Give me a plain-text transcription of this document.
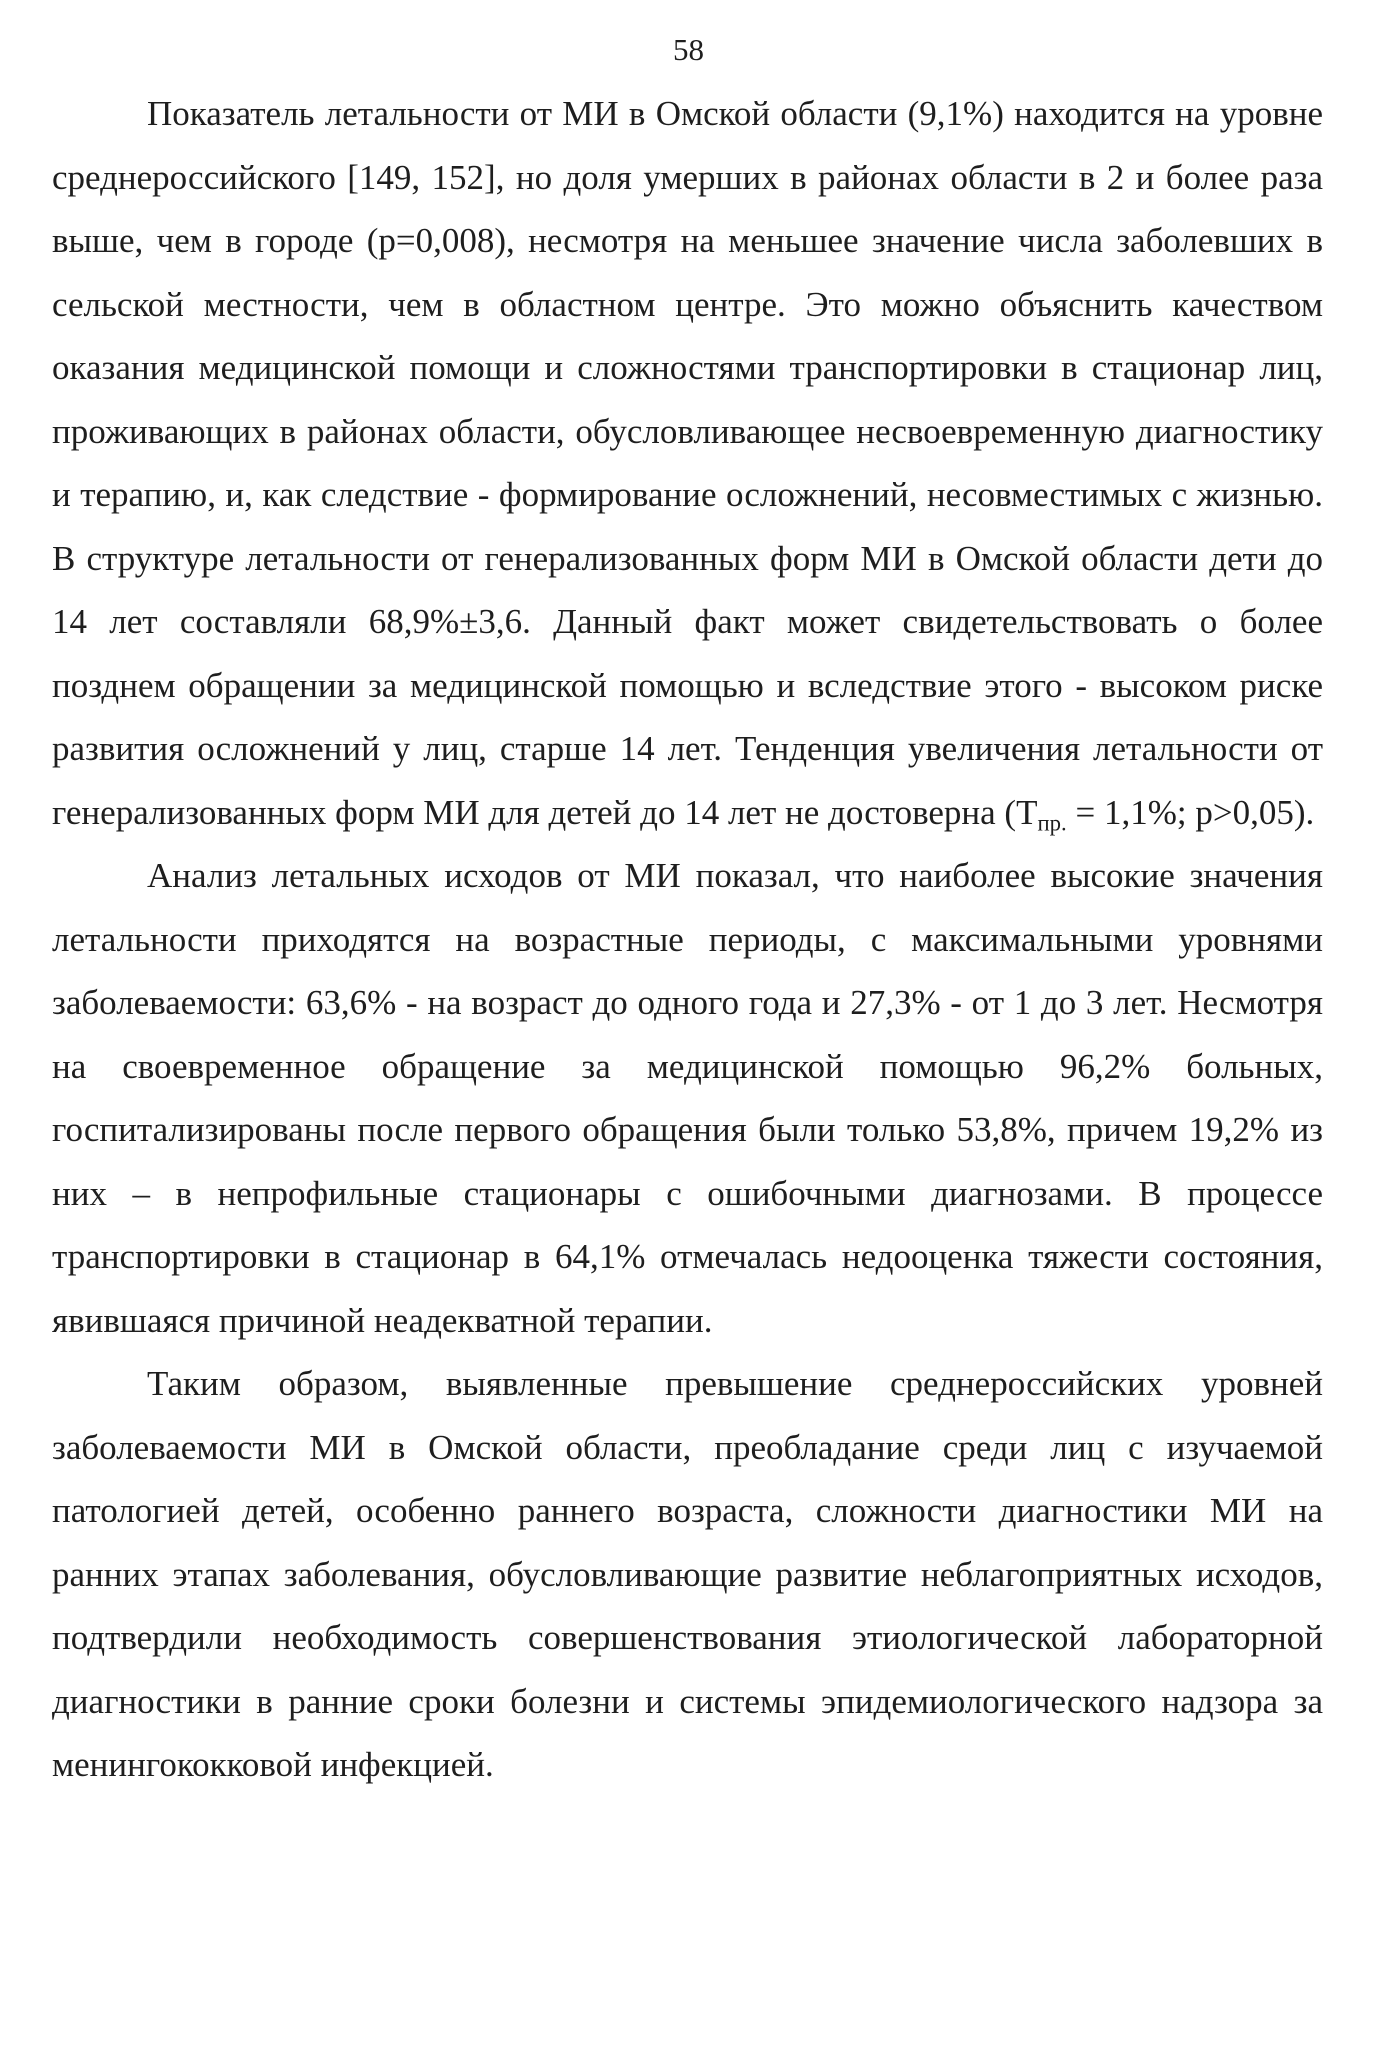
58

Показатель летальности от МИ в Омской области (9,1%) находится на уровне среднероссийского [149, 152], но доля умерших в районах области в 2 и более раза выше, чем в городе (p=0,008), несмотря на меньшее значение числа заболевших в сельской местности, чем в областном центре. Это можно объяснить качеством оказания медицинской помощи и сложностями транспортировки в стационар лиц, проживающих в районах области, обусловливающее несвоевременную диагностику и терапию, и, как следствие - формирование осложнений, несовместимых с жизнью. В структуре летальности от генерализованных форм МИ в Омской области дети до 14 лет составляли 68,9%±3,6. Данный факт может свидетельствовать о более позднем обращении за медицинской помощью и вследствие этого - высоком риске развития осложнений у лиц, старше 14 лет. Тенденция увеличения летальности от генерализованных форм МИ для детей до 14 лет не достоверна ($Т_{пр.} = 1,1\%$; p>0,05).

Анализ летальных исходов от МИ показал, что наиболее высокие значения летальности приходятся на возрастные периоды, с максимальными уровнями заболеваемости: 63,6% - на возраст до одного года и 27,3% - от 1 до 3 лет. Несмотря на своевременное обращение за медицинской помощью 96,2% больных, госпитализированы после первого обращения были только 53,8%, причем 19,2% из них – в непрофильные стационары с ошибочными диагнозами. В процессе транспортировки в стационар в 64,1% отмечалась недооценка тяжести состояния, явившаяся причиной неадекватной терапии.

Таким образом, выявленные превышение среднероссийских уровней заболеваемости МИ в Омской области, преобладание среди лиц с изучаемой патологией детей, особенно раннего возраста, сложности диагностики МИ на ранних этапах заболевания, обусловливающие развитие неблагоприятных исходов, подтвердили необходимость совершенствования этиологической лабораторной диагностики в ранние сроки болезни и системы эпидемиологического надзора за менингококковой инфекцией.
